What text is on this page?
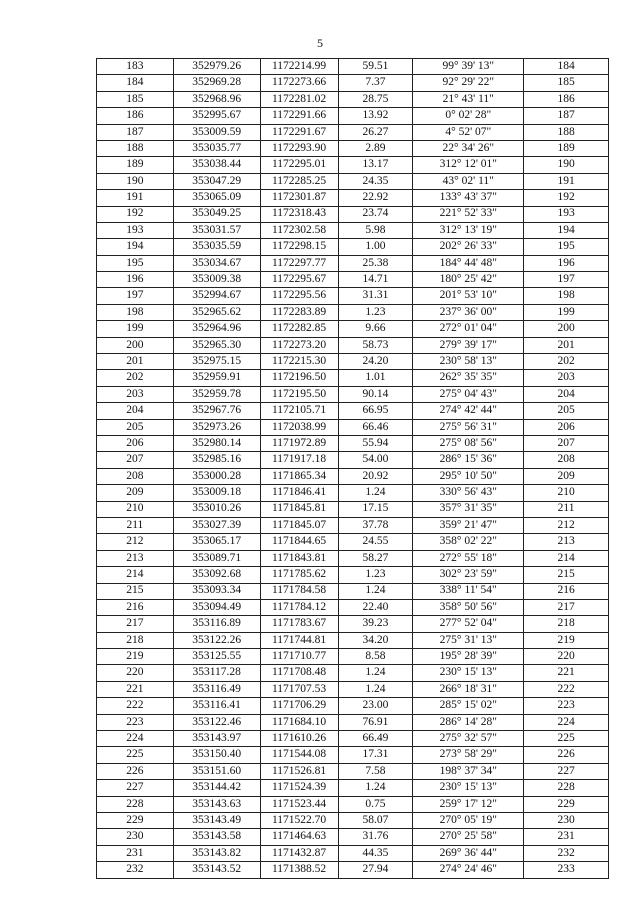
5
183	352979.26	1172214.99	59.51	99° 39' 13"	184
184	352969.28	1172273.66	7.37	92° 29' 22"	185
185	352968.96	1172281.02	28.75	21° 43' 11"	186
186	352995.67	1172291.66	13.92	0° 02' 28"	187
187	353009.59	1172291.67	26.27	4° 52' 07"	188
188	353035.77	1172293.90	2.89	22° 34' 26"	189
189	353038.44	1172295.01	13.17	312° 12' 01"	190
190	353047.29	1172285.25	24.35	43° 02' 11"	191
191	353065.09	1172301.87	22.92	133° 43' 37"	192
192	353049.25	1172318.43	23.74	221° 52' 33"	193
193	353031.57	1172302.58	5.98	312° 13' 19"	194
194	353035.59	1172298.15	1.00	202° 26' 33"	195
195	353034.67	1172297.77	25.38	184° 44' 48"	196
196	353009.38	1172295.67	14.71	180° 25' 42"	197
197	352994.67	1172295.56	31.31	201° 53' 10"	198
198	352965.62	1172283.89	1.23	237° 36' 00"	199
199	352964.96	1172282.85	9.66	272° 01' 04"	200
200	352965.30	1172273.20	58.73	279° 39' 17"	201
201	352975.15	1172215.30	24.20	230° 58' 13"	202
202	352959.91	1172196.50	1.01	262° 35' 35"	203
203	352959.78	1172195.50	90.14	275° 04' 43"	204
204	352967.76	1172105.71	66.95	274° 42' 44"	205
205	352973.26	1172038.99	66.46	275° 56' 31"	206
206	352980.14	1171972.89	55.94	275° 08' 56"	207
207	352985.16	1171917.18	54.00	286° 15' 36"	208
208	353000.28	1171865.34	20.92	295° 10' 50"	209
209	353009.18	1171846.41	1.24	330° 56' 43"	210
210	353010.26	1171845.81	17.15	357° 31' 35"	211
211	353027.39	1171845.07	37.78	359° 21' 47"	212
212	353065.17	1171844.65	24.55	358° 02' 22"	213
213	353089.71	1171843.81	58.27	272° 55' 18"	214
214	353092.68	1171785.62	1.23	302° 23' 59"	215
215	353093.34	1171784.58	1.24	338° 11' 54"	216
216	353094.49	1171784.12	22.40	358° 50' 56"	217
217	353116.89	1171783.67	39.23	277° 52' 04"	218
218	353122.26	1171744.81	34.20	275° 31' 13"	219
219	353125.55	1171710.77	8.58	195° 28' 39"	220
220	353117.28	1171708.48	1.24	230° 15' 13"	221
221	353116.49	1171707.53	1.24	266° 18' 31"	222
222	353116.41	1171706.29	23.00	285° 15' 02"	223
223	353122.46	1171684.10	76.91	286° 14' 28"	224
224	353143.97	1171610.26	66.49	275° 32' 57"	225
225	353150.40	1171544.08	17.31	273° 58' 29"	226
226	353151.60	1171526.81	7.58	198° 37' 34"	227
227	353144.42	1171524.39	1.24	230° 15' 13"	228
228	353143.63	1171523.44	0.75	259° 17' 12"	229
229	353143.49	1171522.70	58.07	270° 05' 19"	230
230	353143.58	1171464.63	31.76	270° 25' 58"	231
231	353143.82	1171432.87	44.35	269° 36' 44"	232
232	353143.52	1171388.52	27.94	274° 24' 46"	233
